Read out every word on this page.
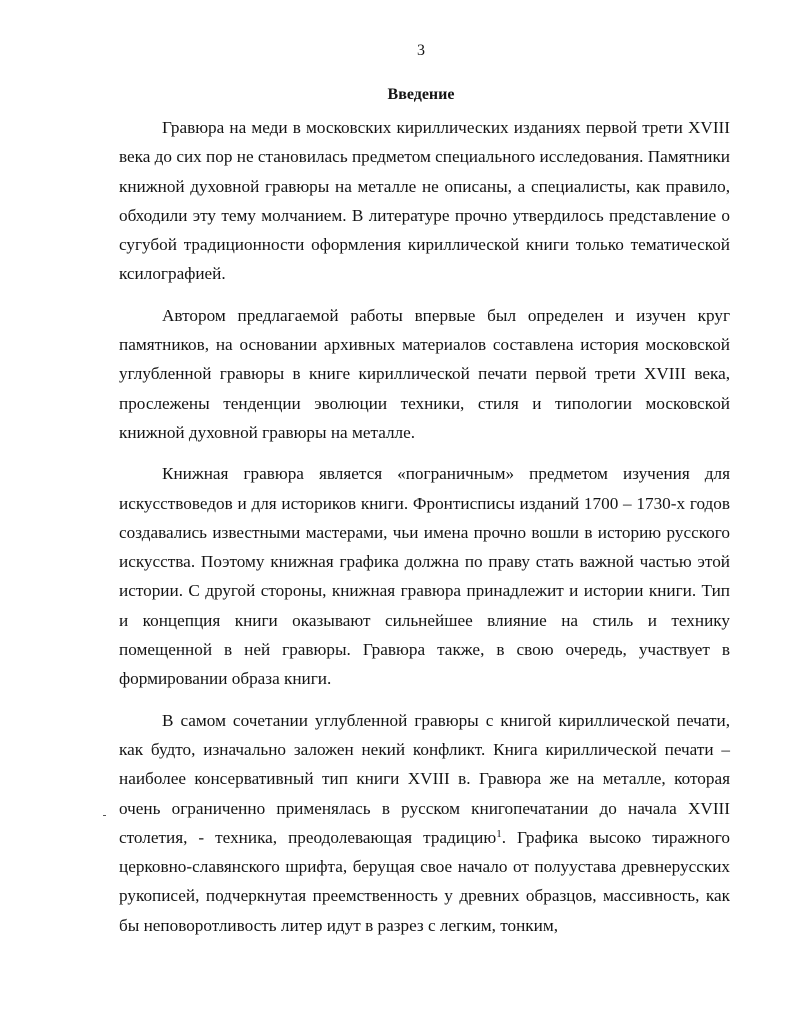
3
Введение

Гравюра на меди в московских кириллических изданиях первой трети XVIII века до сих пор не становилась предметом специального исследования. Памятники книжной духовной гравюры на металле не описаны, а специалисты, как правило, обходили эту тему молчанием. В литературе прочно утвердилось представление о сугубой традиционности оформления кириллической книги только тематической ксилографией.

Автором предлагаемой работы впервые был определен и изучен круг памятников, на основании архивных материалов составлена история московской углубленной гравюры в книге кириллической печати первой трети XVIII века, прослежены тенденции эволюции техники, стиля и типологии московской книжной духовной гравюры на металле.

Книжная гравюра является «пограничным» предметом изучения для искусствоведов и для историков книги. Фронтисписы изданий 1700 – 1730-х годов создавались известными мастерами, чьи имена прочно вошли в историю русского искусства. Поэтому книжная графика должна по праву стать важной частью этой истории. С другой стороны, книжная гравюра принадлежит и истории книги. Тип и концепция книги оказывают сильнейшее влияние на стиль и технику помещенной в ней гравюры. Гравюра также, в свою очередь, участвует в формировании образа книги.

В самом сочетании углубленной гравюры с книгой кириллической печати, как будто, изначально заложен некий конфликт. Книга кириллической печати – наиболее консервативный тип книги XVIII в. Гравюра же на металле, которая очень ограниченно применялась в русском книгопечатании до начала XVIII столетия, - техника, преодолевающая традицию$^1$. Графика высоко тиражного церковно-славянского шрифта, берущая свое начало от полуустава древнерусских рукописей, подчеркнутая преемственность у древних образцов, массивность, как бы неповоротливость литер идут в разрез с легким, тонким,
